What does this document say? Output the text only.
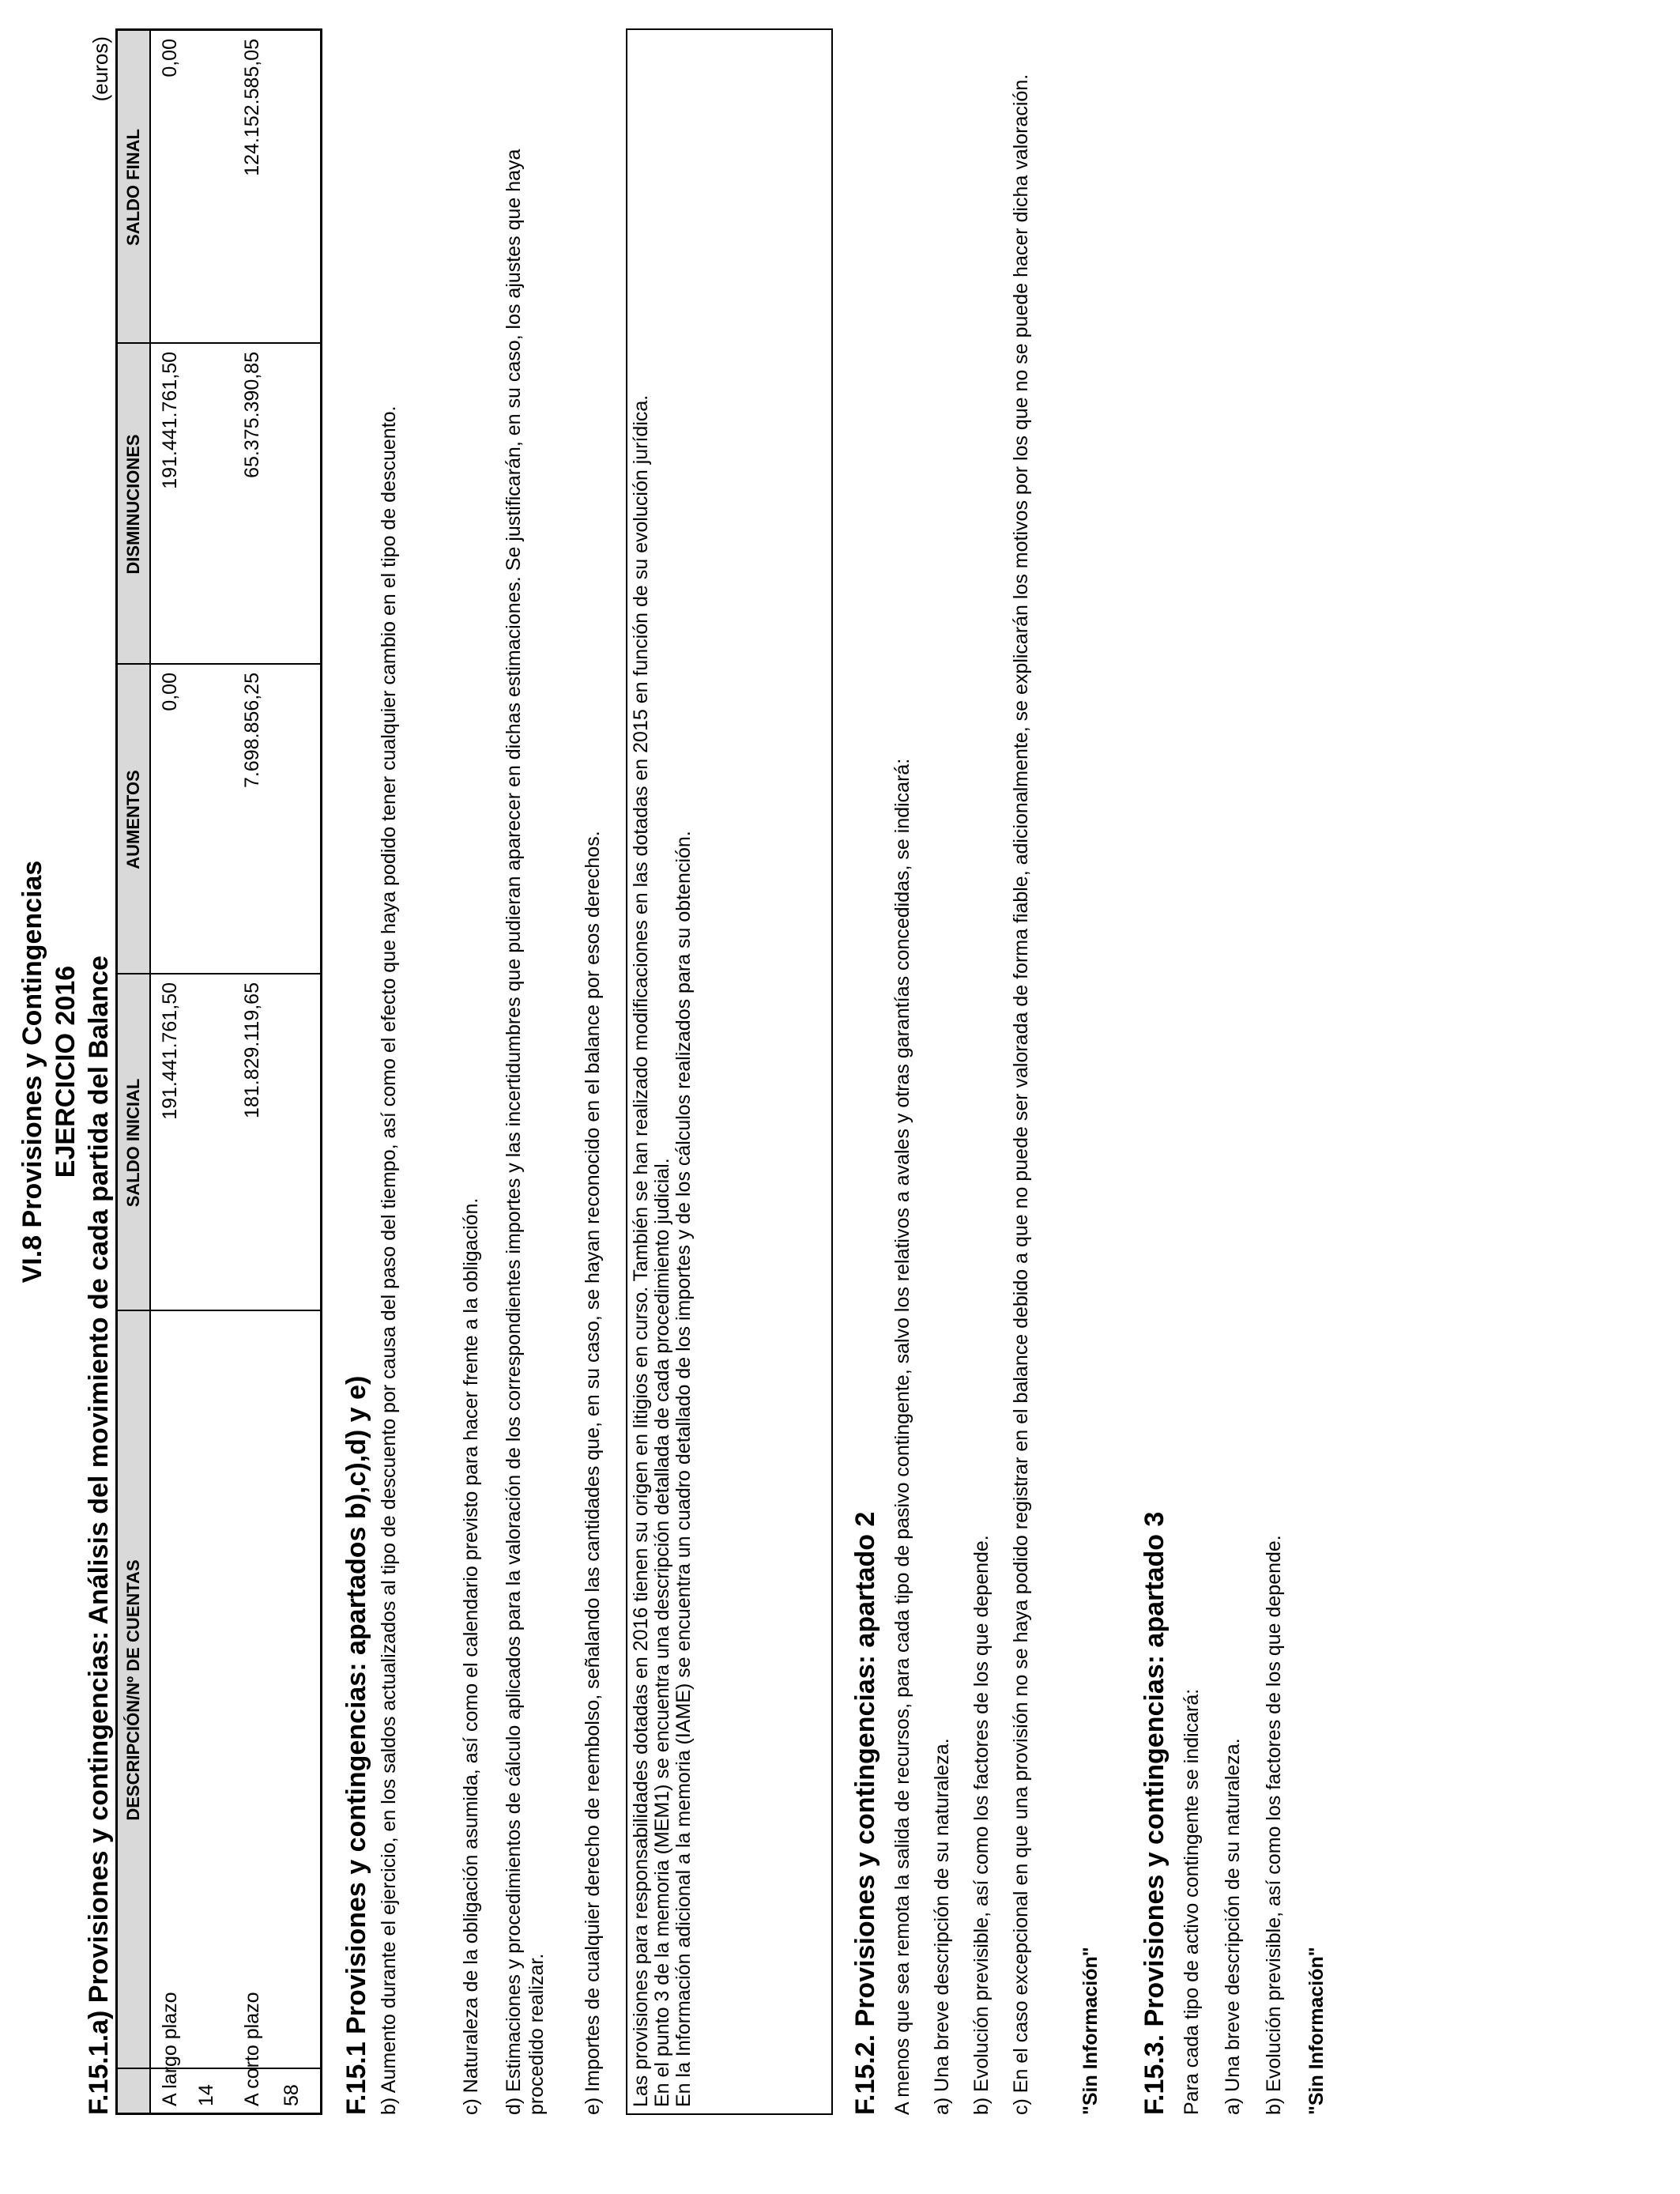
VI.8 Provisiones y Contingencias EJERCICIO 2016 F.15.1.a) Provisiones y contingencias: Análisis del movimiento de cada partida del Balance
(euros)
DESCRIPCIÓN/Nº DE CUENTAS
SALDO INICIAL
AUMENTOS
DISMINUCIONES
SALDO FINAL
A largo plazo 14
191.441.761,50
0,00
191.441.761,50
0,00
A corto plazo 58
181.829.119,65
7.698.856,25
65.375.390,85
124.152.585,05
F.15.1 Provisiones y contingencias: apartados b),c),d) y e) b) Aumento durante el ejercicio, en los saldos actualizados al tipo de descuento por causa del paso del tiempo, así como el efecto que haya podido tener cualquier cambio en el tipo de descuento.	c) Naturaleza de la obligación asumida, así como el calendario previsto para hacer frente a la obligación. d) Estimaciones y procedimientos de cálculo aplicados para la valoración de los correspondientes importes y las incertidumbres que pudieran aparecer en dichas estimaciones. Se justificarán, en su caso, los ajustes que haya procedido realizar. e) Importes de cualquier derecho de reembolso, señalando las cantidades que, en su caso, se hayan reconocido en el balance por esos derechos. Las provisiones para responsabilidades dotadas en 2016 tienen su origen en litigios en curso. También se han realizado modificaciones en las dotadas en 2015 en función de su evolución jurídica. En el punto 3 de la memoria (MEM1) se encuentra una descripción detallada de cada procedimiento judicial. En la Información adicional a la memoria (IAME) se encuentra un cuadro detallado de los importes y de los cálculos realizados para su obtención.	F.15.2. Provisiones y contingencias: apartado 2 A menos que sea remota la salida de recursos, para cada tipo de pasivo contingente, salvo los relativos a avales y otras garantías concedidas, se indicará: a) Una breve descripción de su naturaleza. b) Evolución previsible, así como los factores de los que depende. c) En el caso excepcional en que una provisión no se haya podido registrar en el balance debido a que no puede ser valorada de forma fiable, adicionalmente, se explicarán los motivos por los que no se puede hacer dicha valoración. "Sin Información" F.15.3. Provisiones y contingencias: apartado 3 Para cada tipo de activo contingente se indicará: a) Una breve descripción de su naturaleza. b) Evolución previsible, así como los factores de los que depende. "Sin Información"
